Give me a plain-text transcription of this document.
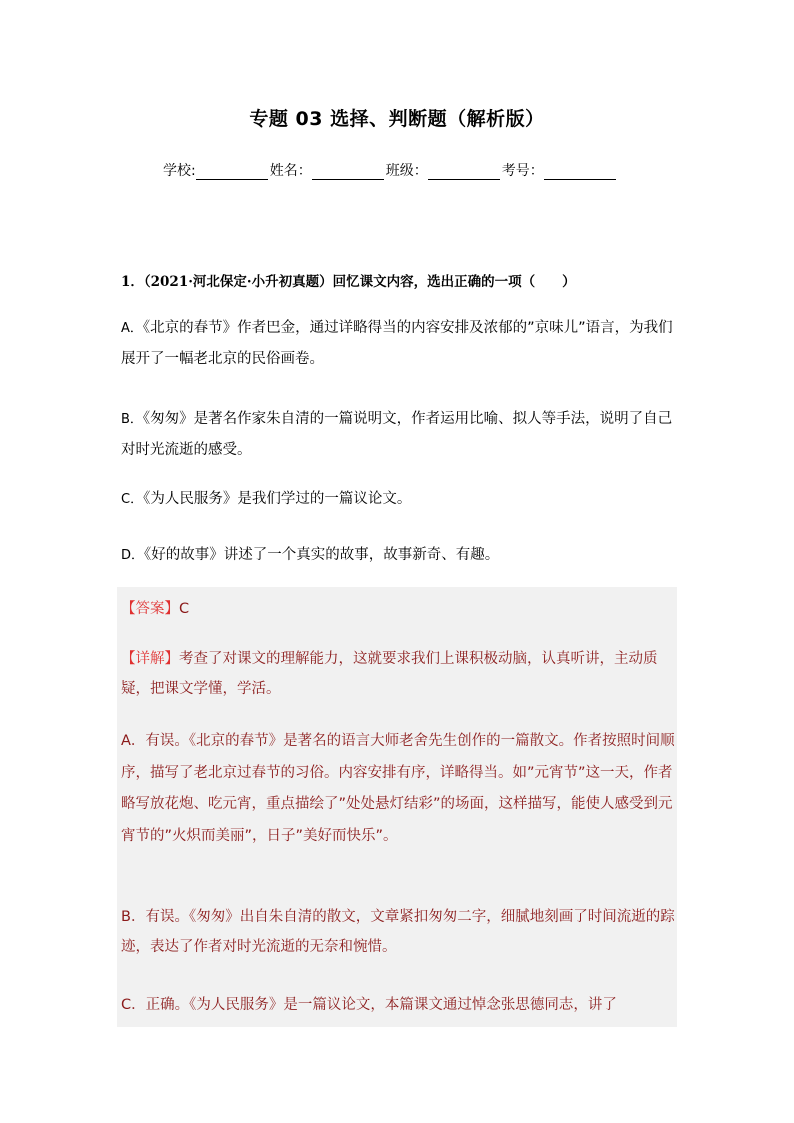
专题 03 选择、判断题（解析版）
学校:	姓名：	班级：	考号：
1．（2021·河北保定·小升初真题）回忆课文内容，选出正确的一项（　　）
A．《北京的春节》作者巴金，通过详略得当的内容安排及浓郁的”京味儿”语言，为我们展开了一幅老北京的民俗画卷。
B．《匆匆》是著名作家朱自清的一篇说明文，作者运用比喻、拟人等手法，说明了自己对时光流逝的感受。
C．《为人民服务》是我们学过的一篇议论文。
D．《好的故事》讲述了一个真实的故事，故事新奇、有趣。
【答案】C
【详解】考查了对课文的理解能力，这就要求我们上课积极动脑，认真听讲，主动质疑，把课文学懂，学活。
A．有误。《北京的春节》是著名的语言大师老舍先生创作的一篇散文。作者按照时间顺序，描写了老北京过春节的习俗。内容安排有序，详略得当。如”元宵节”这一天，作者略写放花炮、吃元宵，重点描绘了”处处悬灯结彩”的场面，这样描写，能使人感受到元宵节的”火炽而美丽”，日子”美好而快乐”。
B．有误。《匆匆》出自朱自清的散文，文章紧扣匆匆二字，细腻地刻画了时间流逝的踪迹，表达了作者对时光流逝的无奈和惋惜。
C．正确。《为人民服务》是一篇议论文，本篇课文通过悼念张思德同志，讲了
